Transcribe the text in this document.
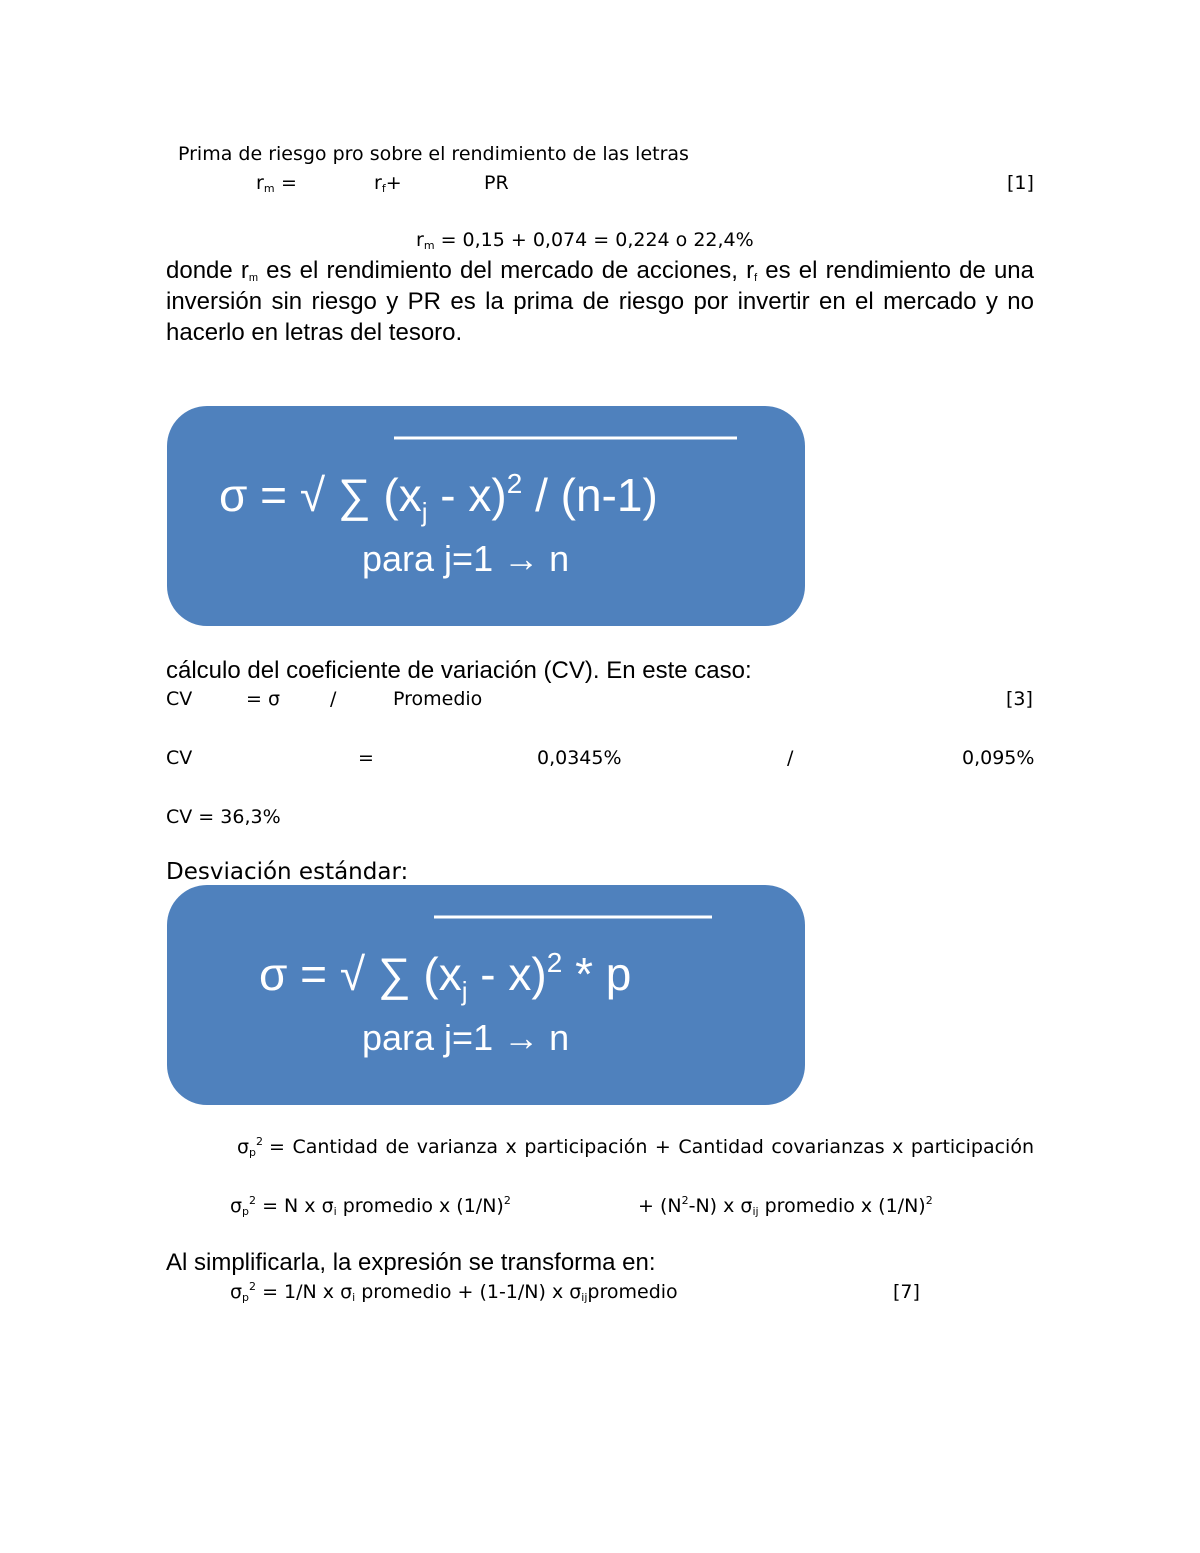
Prima de riesgo pro sobre el rendimiento de las letras
$r_m$ =	$r_f+$	PR	[1]
$r_m = 0,15 + 0,074 = 0,224$ o 22,4%
donde $r_m$ es el rendimiento del mercado de acciones, $r_f$ es el rendimiento de una inversión sin riesgo y PR es la prima de riesgo por invertir en el mercado y no hacerlo en letras del tesoro.
σ = √ ∑ $(x_j - x)^2 / (n-1)$
para j=1 → n
cálculo del coeficiente de variación (CV). En este caso:
CV	= σ	/	Promedio	[3]
CV	=	0,0345%	/	0,095%
CV = 36,3%
Desviación estándar:
σ = √ ∑ $(x_j - x)^2$ * p
para j=1 → n
$\sigma_p^2$ = Cantidad de varianza x participación + Cantidad covarianzas x participación
$\sigma_p^2 = N$ x $\sigma_i$ promedio x $(1/N)^2$	+ $(N^2-N)$ x $\sigma_{ij}$ promedio x $(1/N)^2$
Al simplificarla, la expresión se transforma en:
$\sigma_p^2 = 1/N$ x $\sigma_i$ promedio + (1-1/N) x $\sigma_{ij}promedio$	[7]
